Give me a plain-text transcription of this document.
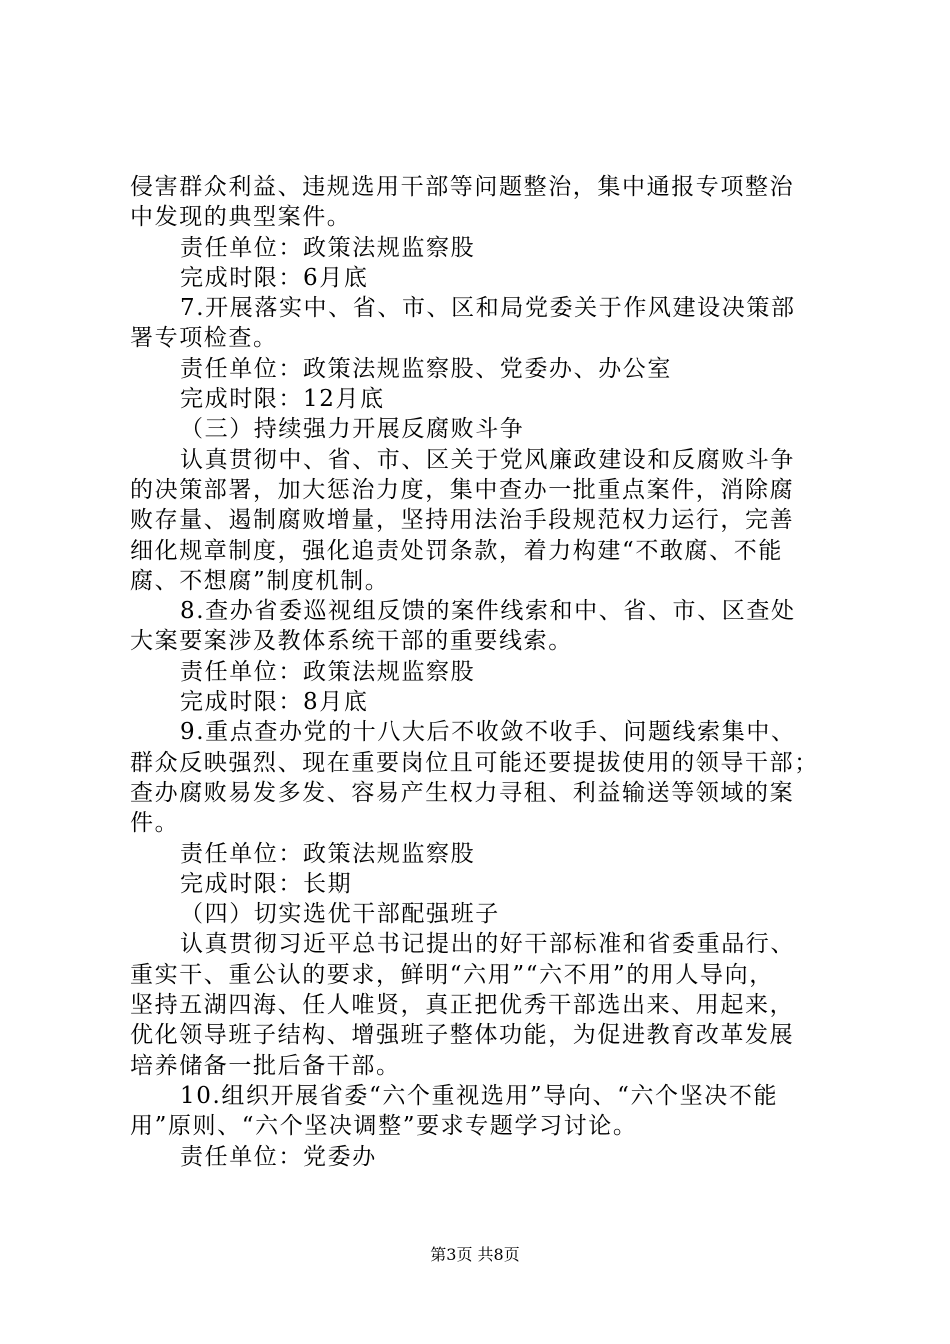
侵害群众利益、违规选用干部等问题整治，集中通报专项整治
中发现的典型案件。
责任单位：政策法规监察股
完成时限：6月底
7.开展落实中、省、市、区和局党委关于作风建设决策部
署专项检查。
责任单位：政策法规监察股、党委办、办公室
完成时限：12月底
（三）持续强力开展反腐败斗争
认真贯彻中、省、市、区关于党风廉政建设和反腐败斗争
的决策部署，加大惩治力度，集中查办一批重点案件，消除腐
败存量、遏制腐败增量，坚持用法治手段规范权力运行，完善
细化规章制度，强化追责处罚条款，着力构建“不敢腐、不能
腐、不想腐”制度机制。
8.查办省委巡视组反馈的案件线索和中、省、市、区查处
大案要案涉及教体系统干部的重要线索。
责任单位：政策法规监察股
完成时限：8月底
9.重点查办党的十八大后不收敛不收手、问题线索集中、
群众反映强烈、现在重要岗位且可能还要提拔使用的领导干部；
查办腐败易发多发、容易产生权力寻租、利益输送等领域的案
件。
责任单位：政策法规监察股
完成时限：长期
（四）切实选优干部配强班子
认真贯彻习近平总书记提出的好干部标准和省委重品行、
重实干、重公认的要求，鲜明“六用”“六不用”的用人导向，
坚持五湖四海、任人唯贤，真正把优秀干部选出来、用起来，
优化领导班子结构、增强班子整体功能，为促进教育改革发展
培养储备一批后备干部。
10.组织开展省委“六个重视选用”导向、“六个坚决不能
用”原则、“六个坚决调整”要求专题学习讨论。
责任单位：党委办
第3页 共8页
